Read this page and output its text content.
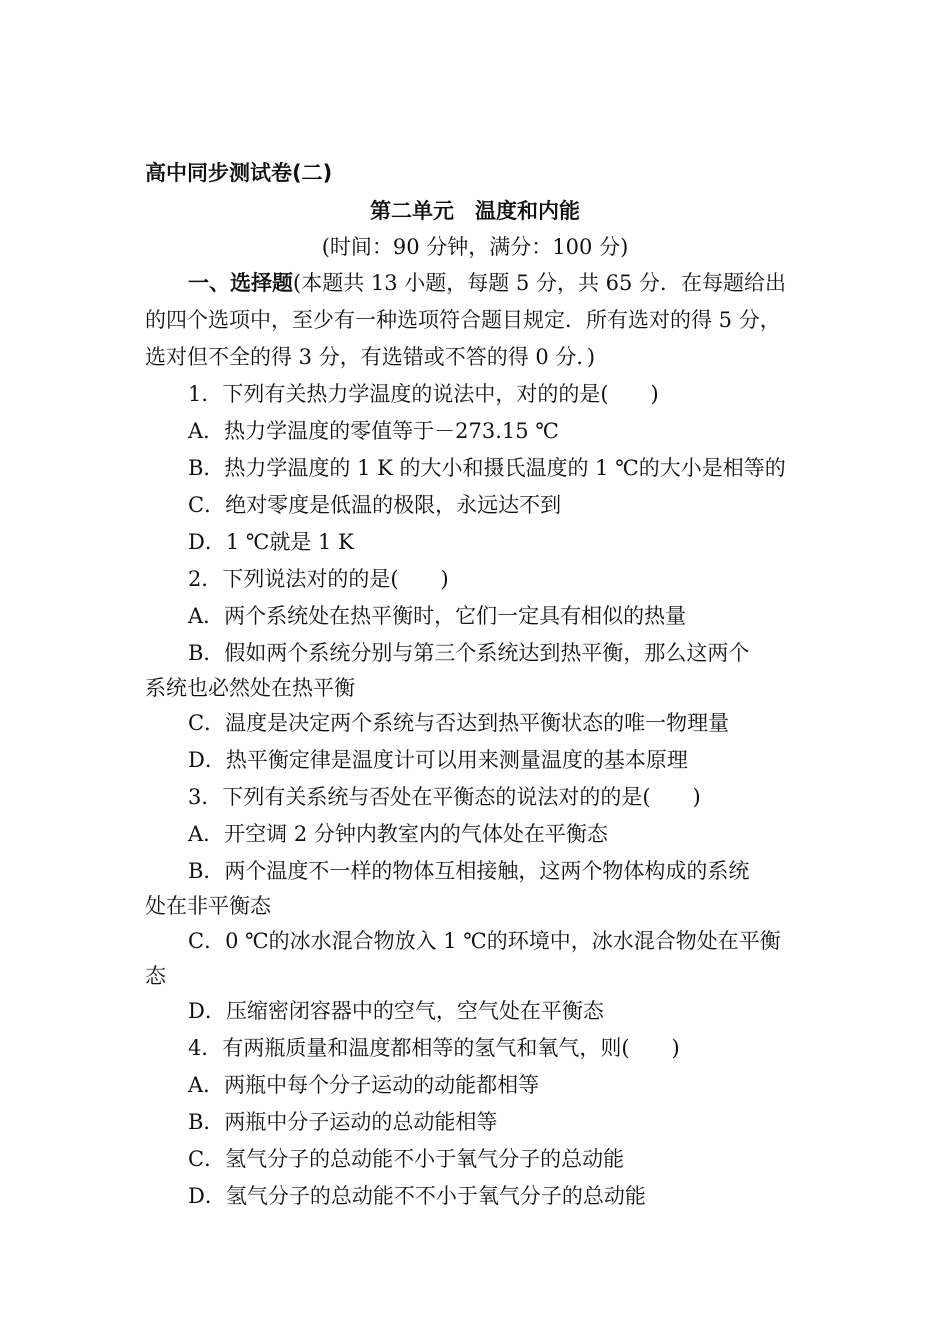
高中同步测试卷(二)
第二单元　温度和内能
(时间：90 分钟，满分：100 分)
一、选择题(本题共 13 小题，每题 5 分，共 65 分．在每题给出
的四个选项中，至少有一种选项符合题目规定．所有选对的得 5 分，
选对但不全的得 3 分，有选错或不答的得 0 分．)
1．下列有关热力学温度的说法中，对的的是(　　)
A．热力学温度的零值等于－273.15 ℃
B．热力学温度的 1 K 的大小和摄氏温度的 1 ℃的大小是相等的
C．绝对零度是低温的极限，永远达不到
D．1 ℃就是 1 K
2．下列说法对的的是(　　)
A．两个系统处在热平衡时，它们一定具有相似的热量
B．假如两个系统分别与第三个系统达到热平衡，那么这两个
系统也必然处在热平衡
C．温度是决定两个系统与否达到热平衡状态的唯一物理量
D．热平衡定律是温度计可以用来测量温度的基本原理
3．下列有关系统与否处在平衡态的说法对的的是(　　)
A．开空调 2 分钟内教室内的气体处在平衡态
B．两个温度不一样的物体互相接触，这两个物体构成的系统
处在非平衡态
C．0 ℃的冰水混合物放入 1 ℃的环境中，冰水混合物处在平衡
态
D．压缩密闭容器中的空气，空气处在平衡态
4．有两瓶质量和温度都相等的氢气和氧气，则(　　)
A．两瓶中每个分子运动的动能都相等
B．两瓶中分子运动的总动能相等
C．氢气分子的总动能不小于氧气分子的总动能
D．氢气分子的总动能不不小于氧气分子的总动能
